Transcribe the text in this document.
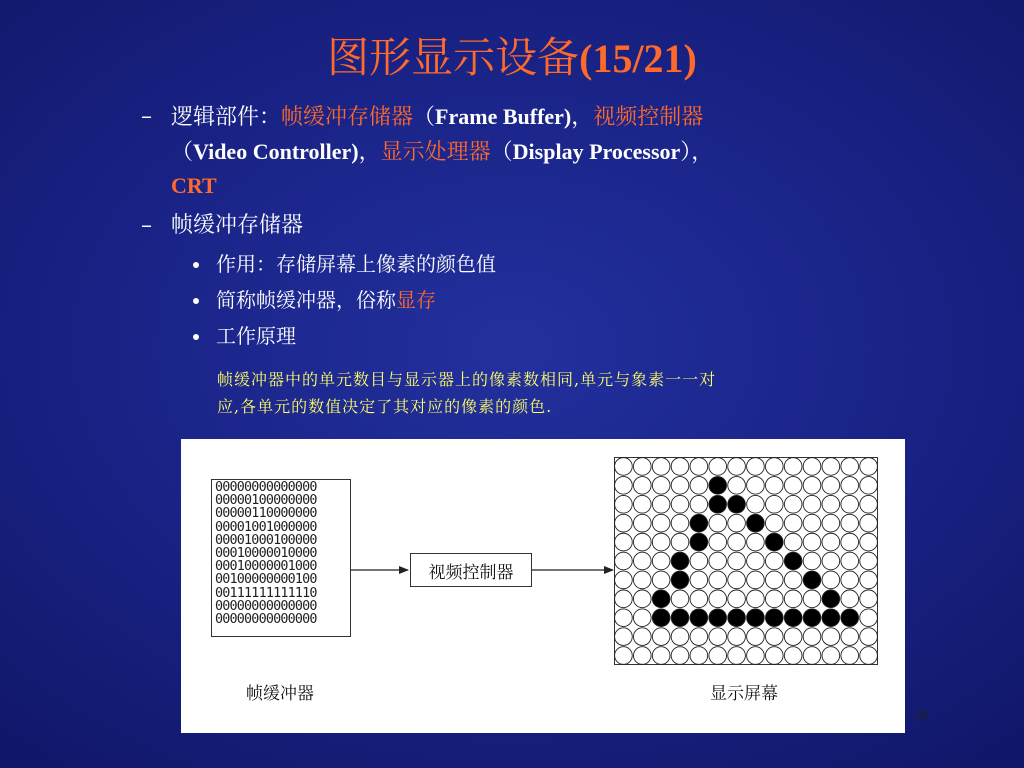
图形显示设备(15/21)
– 逻辑部件：帧缓冲存储器（Frame Buffer)，视频控制器
（Video Controller)，显示处理器（Display Processor），
CRT
– 帧缓冲存储器
作用：存储屏幕上像素的颜色值
简称帧缓冲器，俗称显存
工作原理
帧缓冲器中的单元数目与显示器上的像素数相同,单元与象素一一对
应,各单元的数值决定了其对应的像素的颜色.
00000000000000
00000100000000
00000110000000
00001001000000
00001000100000
00010000010000
00010000001000
00100000000100
00111111111110
00000000000000
00000000000000
视频控制器
帧缓冲器	显示屏幕
38
